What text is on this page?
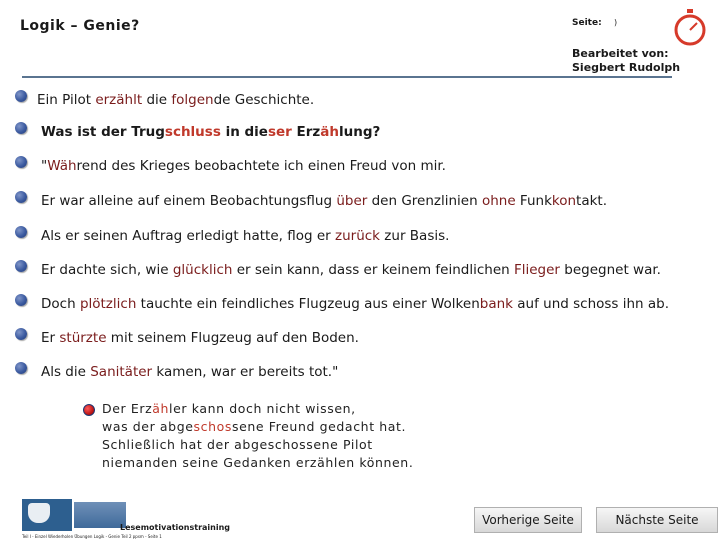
Logik – Genie?	Seite: )
Bearbeitet von:
Siegbert Rudolph
Ein Pilot erzählt die folgende Geschichte.
Was ist der Trugschluss in dieser Erzählung?
"Während des Krieges beobachtete ich einen Freud von mir.
Er war alleine auf einem Beobachtungsflug über den Grenzlinien ohne Funkkontakt.
Als er seinen Auftrag erledigt hatte, flog er zurück zur Basis.
Er dachte sich, wie glücklich er sein kann, dass er keinem feindlichen Flieger begegnet war.
Doch plötzlich tauchte ein feindliches Flugzeug aus einer Wolkenbank auf und schoss ihn ab.
Er stürzte mit seinem Flugzeug auf den Boden.
Als die Sanitäter kamen, war er bereits tot."
Der Erzähler kann doch nicht wissen,
was der abgeschossene Freund gedacht hat.
Schließlich hat der abgeschossene Pilot
niemanden seine Gedanken erzählen können.
Lesemotivationstraining
Teil I - Einzel Wiederholen Übungen Logik - Genie Teil 2 ppsm - Seite 1
Vorherige Seite	Nächste Seite
